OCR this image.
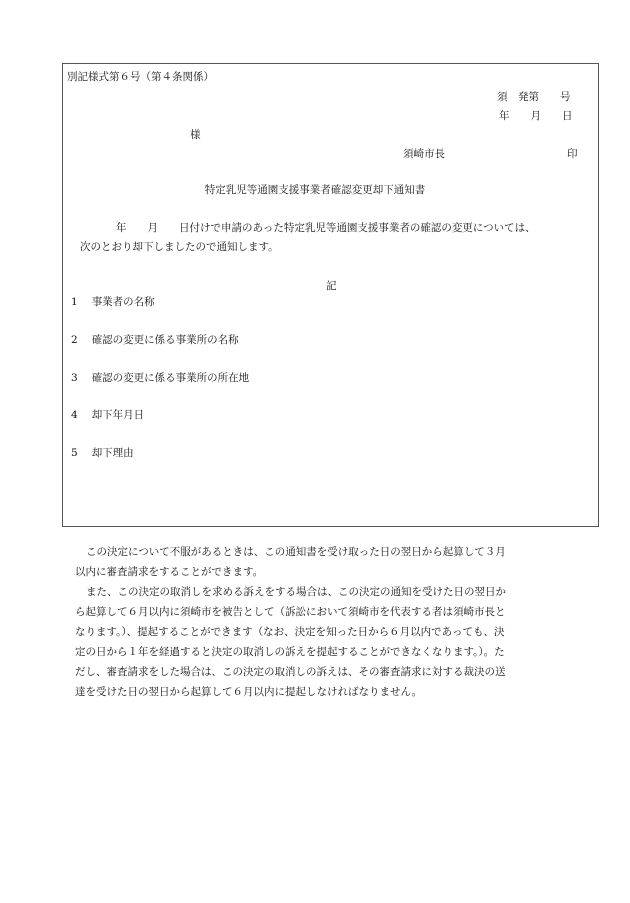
別記様式第６号（第４条関係）
須　発第　　号
年　　月　　日
様
須崎市長	印
特定乳児等通園支援事業者確認変更却下通知書
年　　月　　日付けで申請のあった特定乳児等通園支援事業者の確認の変更については、
次のとおり却下しましたので通知します。
記
1 事業者の名称
2 確認の変更に係る事業所の名称
3 確認の変更に係る事業所の所在地
4 却下年月日
5 却下理由
この決定について不服があるときは、この通知書を受け取った日の翌日から起算して３月
以内に審査請求をすることができます。
また、この決定の取消しを求める訴えをする場合は、この決定の通知を受けた日の翌日か
ら起算して６月以内に須崎市を被告として（訴訟において須崎市を代表する者は須崎市長と
なります。）、提起することができます（なお、決定を知った日から６月以内であっても、決
定の日から１年を経過すると決定の取消しの訴えを提起することができなくなります。）。た
だし、審査請求をした場合は、この決定の取消しの訴えは、その審査請求に対する裁決の送
達を受けた日の翌日から起算して６月以内に提起しなければなりません。
